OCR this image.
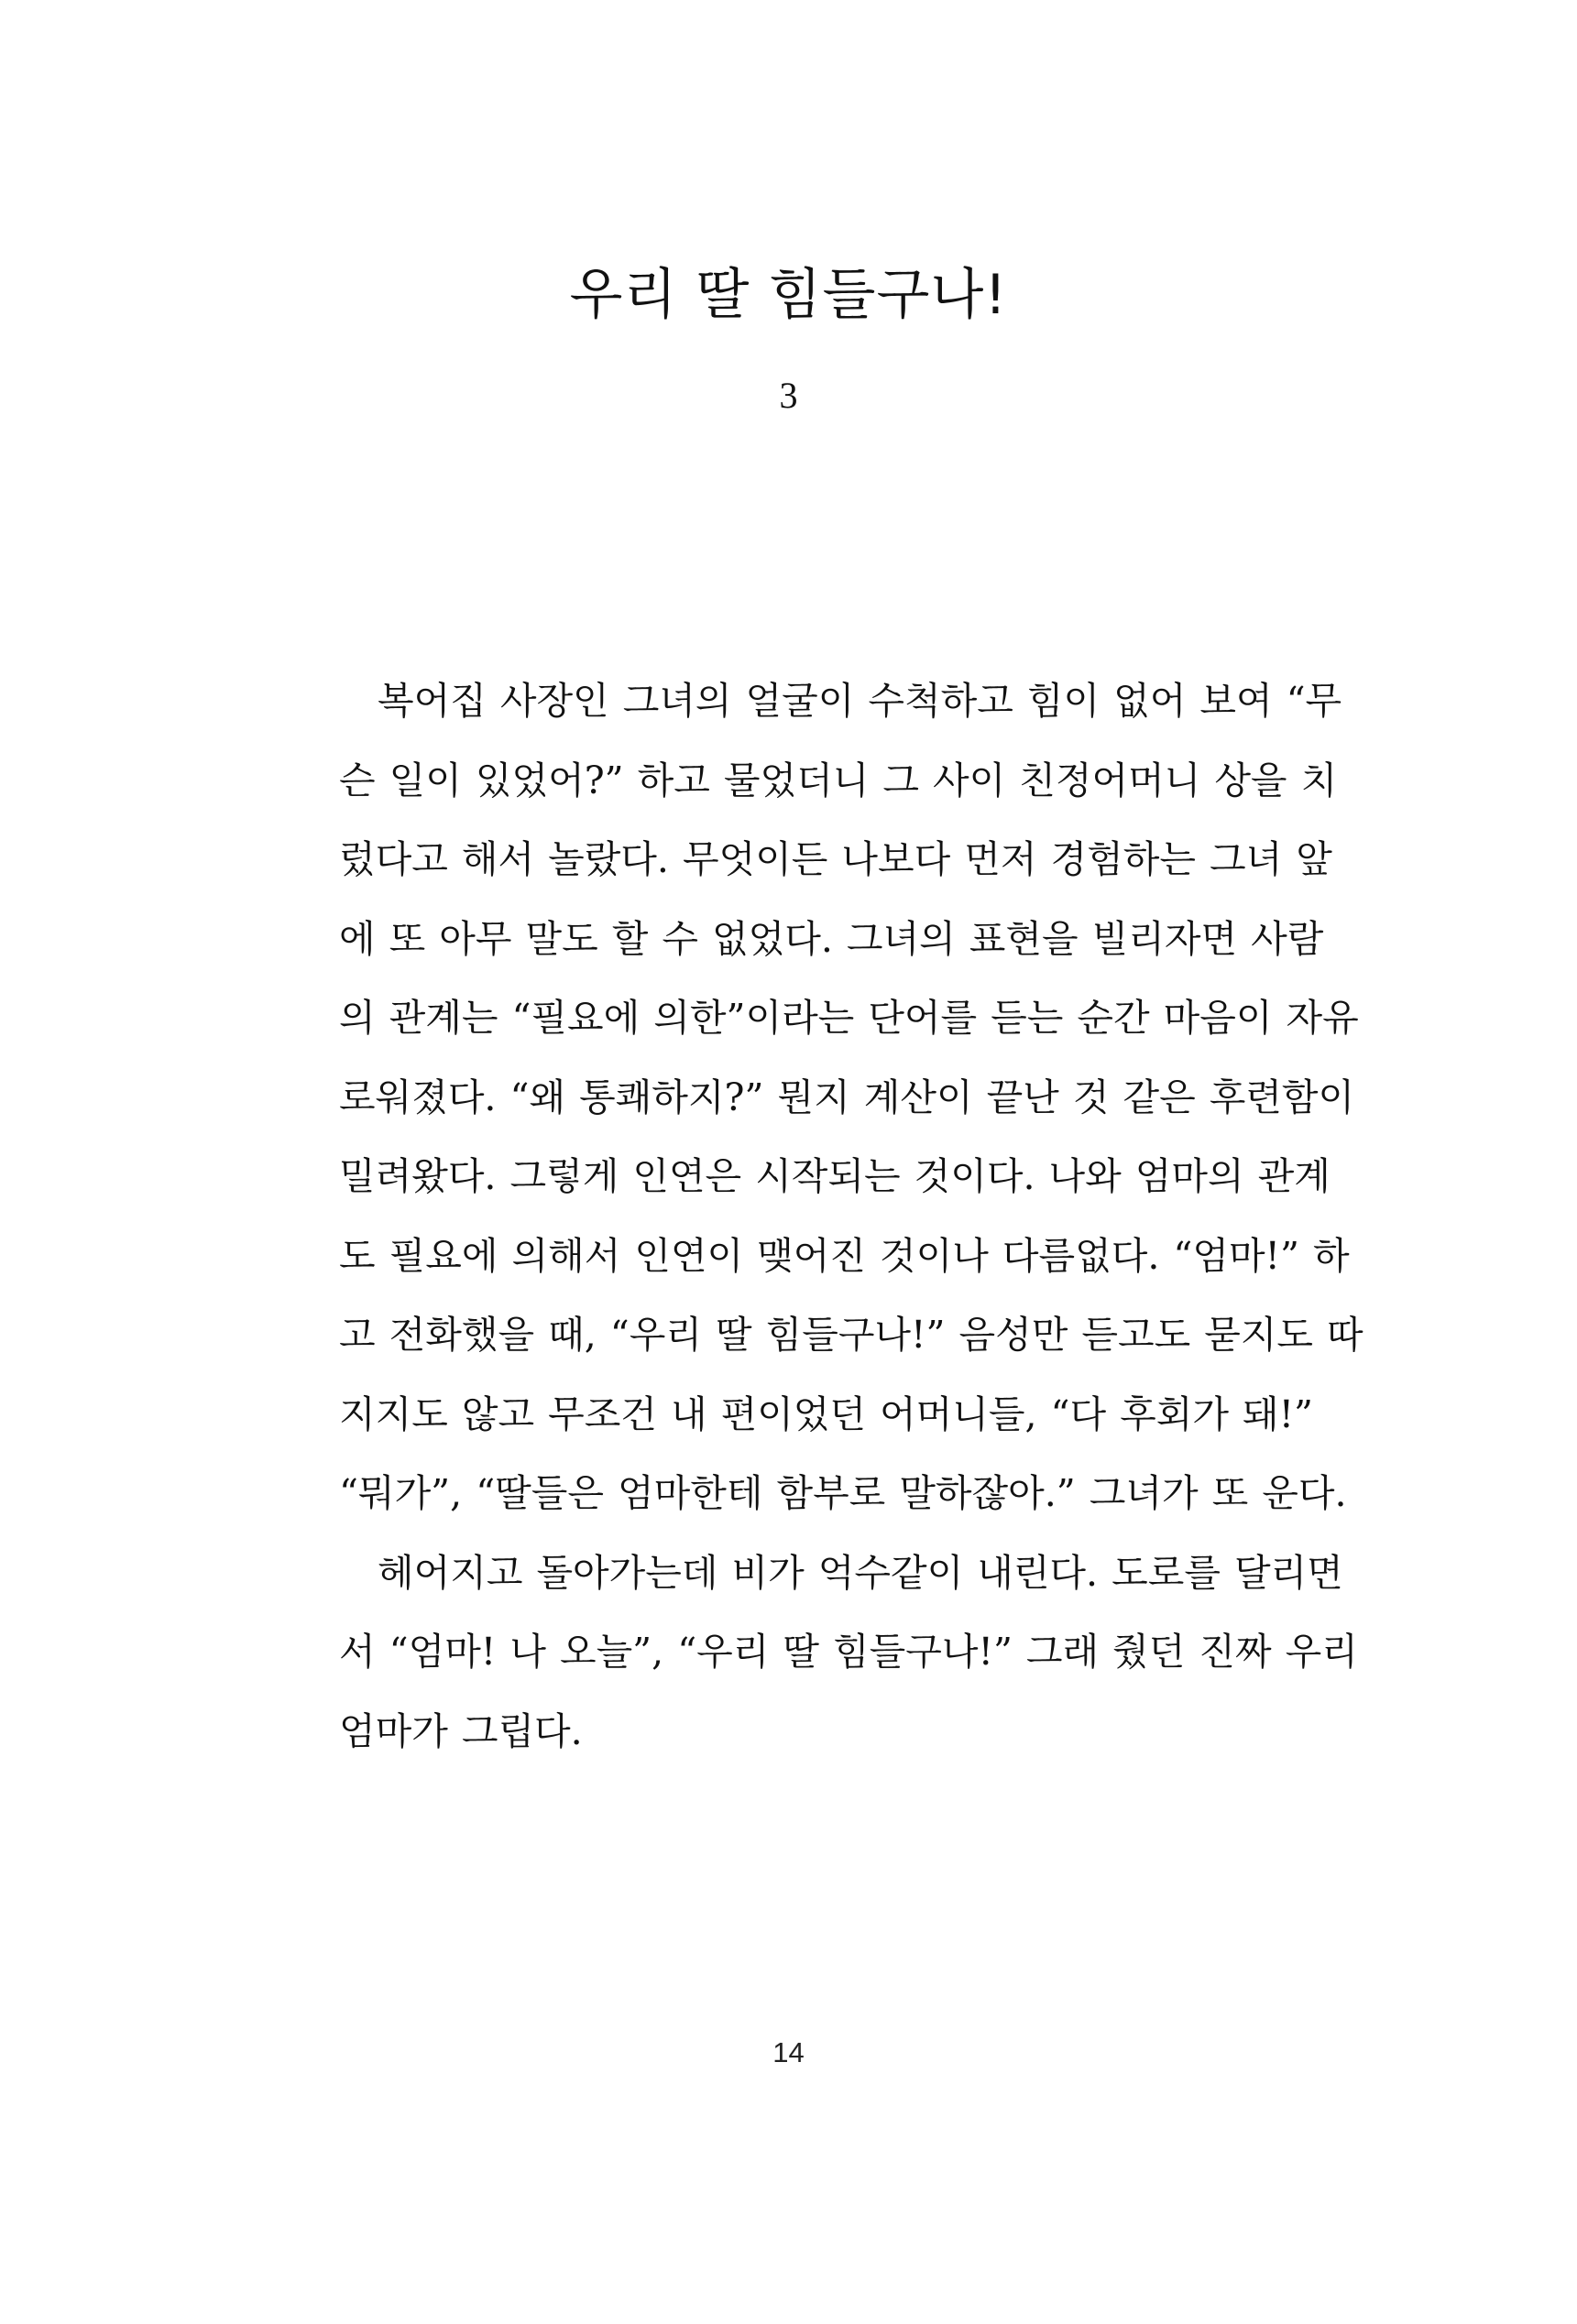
우리 딸 힘들구나!
3
복어집 사장인 그녀의 얼굴이 수척하고 힘이 없어 보여 “무
슨 일이 있었어?” 하고 물었더니 그 사이 친정어머니 상을 치
렀다고 해서 놀랐다. 무엇이든 나보다 먼저 경험하는 그녀 앞
에 또 아무 말도 할 수 없었다. 그녀의 표현을 빌리자면 사람
의 관계는 “필요에 의한”이라는 단어를 듣는 순간 마음이 자유
로워졌다. “왜 통쾌하지?” 뭔지 계산이 끝난 것 같은 후련함이
밀려왔다. 그렇게 인연은 시작되는 것이다. 나와 엄마의 관계
도 필요에 의해서 인연이 맺어진 것이나 다름없다. “엄마!” 하
고 전화했을 때, “우리 딸 힘들구나!” 음성만 듣고도 묻지도 따
지지도 않고 무조건 내 편이었던 어머니들, “다 후회가 돼!”
“뭐가”, “딸들은 엄마한테 함부로 말하잖아.” 그녀가 또 운다.
헤어지고 돌아가는데 비가 억수같이 내린다. 도로를 달리면
서 “엄마! 나 오늘”, “우리 딸 힘들구나!” 그래 줬던 진짜 우리
엄마가 그립다.
14
